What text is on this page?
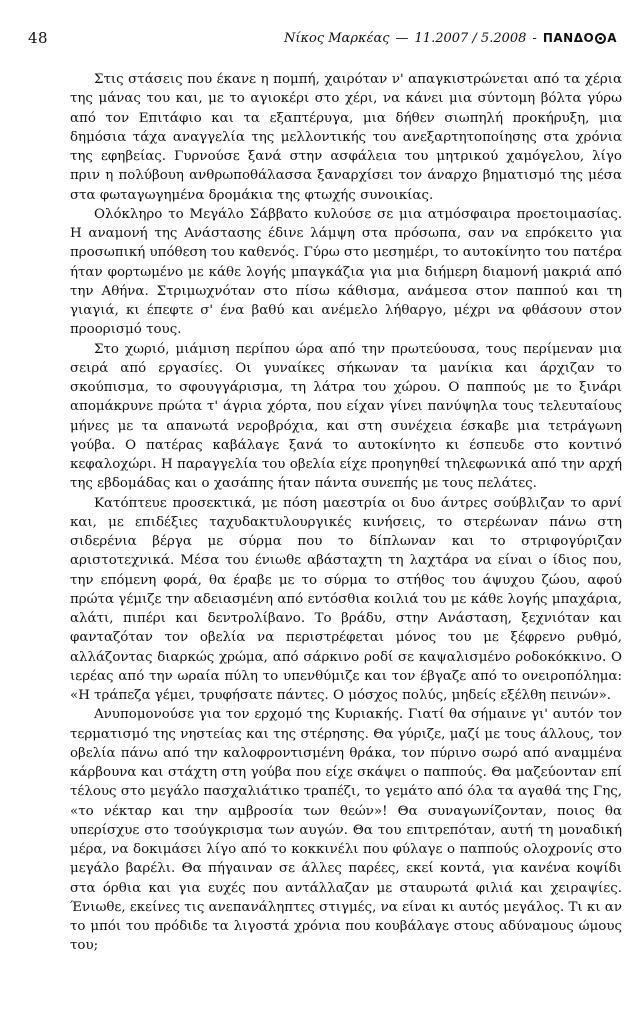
48	Νίκος Μαρκέας — 11.2007 / 5.2008 - ΠΑΝΔΟ Α

Στις στάσεις που έκανε η πομπή, χαιρόταν ν' απαγκιστρώνεται από τα χέρια της μάνας του και, με το αγιοκέρι στο χέρι, να κάνει μια σύντομη βόλτα γύρω από τον Επιτάφιο και τα εξαπτέρυγα, μια δήθεν σιωπηλή προκήρυξη, μια δημόσια τάχα αναγγελία της μελλοντικής του ανεξαρτητοποίησης στα χρόνια της εφηβείας. Γυρνούσε ξανά στην ασφάλεια του μητρικού χαμόγελου, λίγο πριν η πολύβουη ανθρωποθάλασσα ξαναρχίσει τον άναρχο βηματισμό της μέσα στα φωταγωγημένα δρομάκια της φτωχής συνοικίας.

Ολόκληρο το Μεγάλο Σάββατο κυλούσε σε μια ατμόσφαιρα προετοιμασίας. Η αναμονή της Ανάστασης έδινε λάμψη στα πρόσωπα, σαν να επρόκειτο για προσωπική υπόθεση του καθενός. Γύρω στο μεσημέρι, το αυτοκίνητο του πατέρα ήταν φορτωμένο με κάθε λογής μπαγκάζια για μια διήμερη διαμονή μακριά από την Αθήνα. Στριμωχνόταν στο πίσω κάθισμα, ανάμεσα στον παππού και τη γιαγιά, κι έπεφτε σ' ένα βαθύ και ανέμελο λήθαργο, μέχρι να φθάσουν στον προορισμό τους.

Στο χωριό, μιάμιση περίπου ώρα από την πρωτεύουσα, τους περίμεναν μια σειρά από εργασίες. Οι γυναίκες σήκωναν τα μανίκια και άρχιζαν το σκούπισμα, το σφουγγάρισμα, τη λάτρα του χώρου. Ο παππούς με το ξινάρι απομάκρυνε πρώτα τ' άγρια χόρτα, που είχαν γίνει πανύψηλα τους τελευταίους μήνες με τα απανωτά νεροβρόχια, και στη συνέχεια έσκαβε μια τετράγωνη γούβα. Ο πατέρας καβάλαγε ξανά το αυτοκίνητο κι έσπευδε στο κοντινό κεφαλοχώρι. Η παραγγελία του οβελία είχε προηγηθεί τηλεφωνικά από την αρχή της εβδομάδας και ο χασάπης ήταν πάντα συνεπής με τους πελάτες.

Κατόπτευε προσεκτικά, με πόση μαεστρία οι δυο άντρες σούβλιζαν το αρνί και, με επιδέξιες ταχυδακτυλουργικές κινήσεις, το στερέωναν πάνω στη σιδερένια βέργα με σύρμα που το δίπλωναν και το στριφογύριζαν αριστοτεχνικά. Μέσα του ένιωθε αβάσταχτη τη λαχτάρα να είναι ο ίδιος που, την επόμενη φορά, θα έραβε με το σύρμα το στήθος του άψυχου ζώου, αφού πρώτα γέμιζε την αδειασμένη από εντόσθια κοιλιά του με κάθε λογής μπαχάρια, αλάτι, πιπέρι και δεντρολίβανο. Το βράδυ, στην Ανάσταση, ξεχνιόταν και φανταζόταν τον οβελία να περιστρέφεται μόνος του με ξέφρενο ρυθμό, αλλάζοντας διαρκώς χρώμα, από σάρκινο ροδί σε καψαλισμένο ροδοκόκκινο. Ο ιερέας από την ωραία πύλη το υπενθύμιζε και τον έβγαζε από το ονειροπόλημα: «Η τράπεζα γέμει, τρυφήσατε πάντες. Ο μόσχος πολύς, μηδείς εξέλθη πεινών».

Ανυπομονούσε για τον ερχομό της Κυριακής. Γιατί θα σήμαινε γι' αυτόν τον τερματισμό της νηστείας και της στέρησης. Θα γύριζε, μαζί με τους άλλους, τον οβελία πάνω από την καλοφροντισμένη θράκα, τον πύρινο σωρό από αναμμένα κάρβουνα και στάχτη στη γούβα που είχε σκάψει ο παππούς. Θα μαζεύονταν επί τέλους στο μεγάλο πασχαλιάτικο τραπέζι, το γεμάτο από όλα τα αγαθά της Γης, «το νέκταρ και την αμβροσία των θεών»! Θα συναγωνίζονταν, ποιος θα υπερίσχυε στο τσούγκρισμα των αυγών. Θα του επιτρεπόταν, αυτή τη μοναδική μέρα, να δοκιμάσει λίγο από το κοκκινέλι που φύλαγε ο παππούς ολοχρονίς στο μεγάλο βαρέλι. Θα πήγαιναν σε άλλες παρέες, εκεί κοντά, για κανένα κοψίδι στα όρθια και για ευχές που αντάλλαζαν με σταυρωτά φιλιά και χειραψίες. Ένιωθε, εκείνες τις ανεπανάληπτες στιγμές, να είναι κι αυτός μεγάλος. Τι κι αν το μπόι του πρόδιδε τα λιγοστά χρόνια που κουβάλαγε στους αδύναμους ώμους του;
